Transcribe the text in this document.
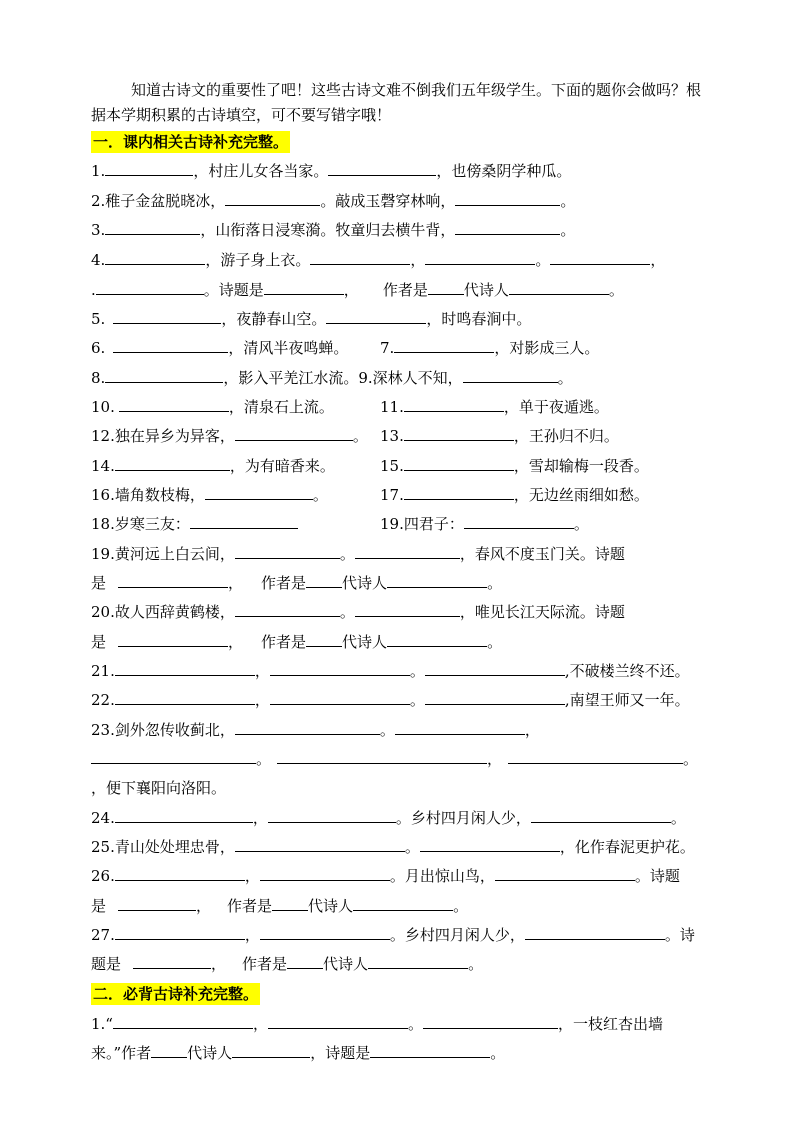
知道古诗文的重要性了吧！这些古诗文难不倒我们五年级学生。下面的题你会做吗？根据本学期积累的古诗填空，可不要写错字哦！
一．课内相关古诗补充完整。
1.	，村庄儿女各当家。	，也傍桑阴学种瓜。
2.稚子金盆脱晓冰，	。敲成玉磬穿林响，	。
3.	，山衔落日浸寒漪。牧童归去横牛背，	。
4.	，游子身上衣。	，	。	，
.	。诗题是	， 作者是 代诗人	。
5.	，夜静春山空。	，时鸣春涧中。
6.	，清风半夜鸣蝉。 7.	，对影成三人。
8.	，影入平羌江水流。9.深林人不知，	。
10.	，清泉石上流。	11.	，单于夜遁逃。
12.独在异乡为异客，	。 13.	，王孙归不归。
14.	，为有暗香来。	15.	，雪却输梅一段香。
16.墙角数枝梅，	。	17.	，无边丝雨细如愁。
18.岁寒三友：	19.四君子：	。
19.黄河远上白云间，	。	，春风不度玉门关。诗题
是	， 作者是 代诗人	。
20.故人西辞黄鹤楼，	。	，唯见长江天际流。诗题
是	， 作者是 代诗人	。
21.	，	。	,不破楼兰终不还。
22.	，	。	,南望王师又一年。
23.剑外忽传收蓟北，	。	，
。	，	。
，便下襄阳向洛阳。
24.	，	。乡村四月闲人少，	。
25.青山处处埋忠骨，	。	，化作春泥更护花。
26.	，	。月出惊山鸟，	。诗题
是	， 作者是 代诗人	。
27.	，	。乡村四月闲人少，	。诗
题是	， 作者是 代诗人	。
二．必背古诗补充完整。
1.“	，	。	，一枝红杏出墙
来。”作者 代诗人	，诗题是	。
